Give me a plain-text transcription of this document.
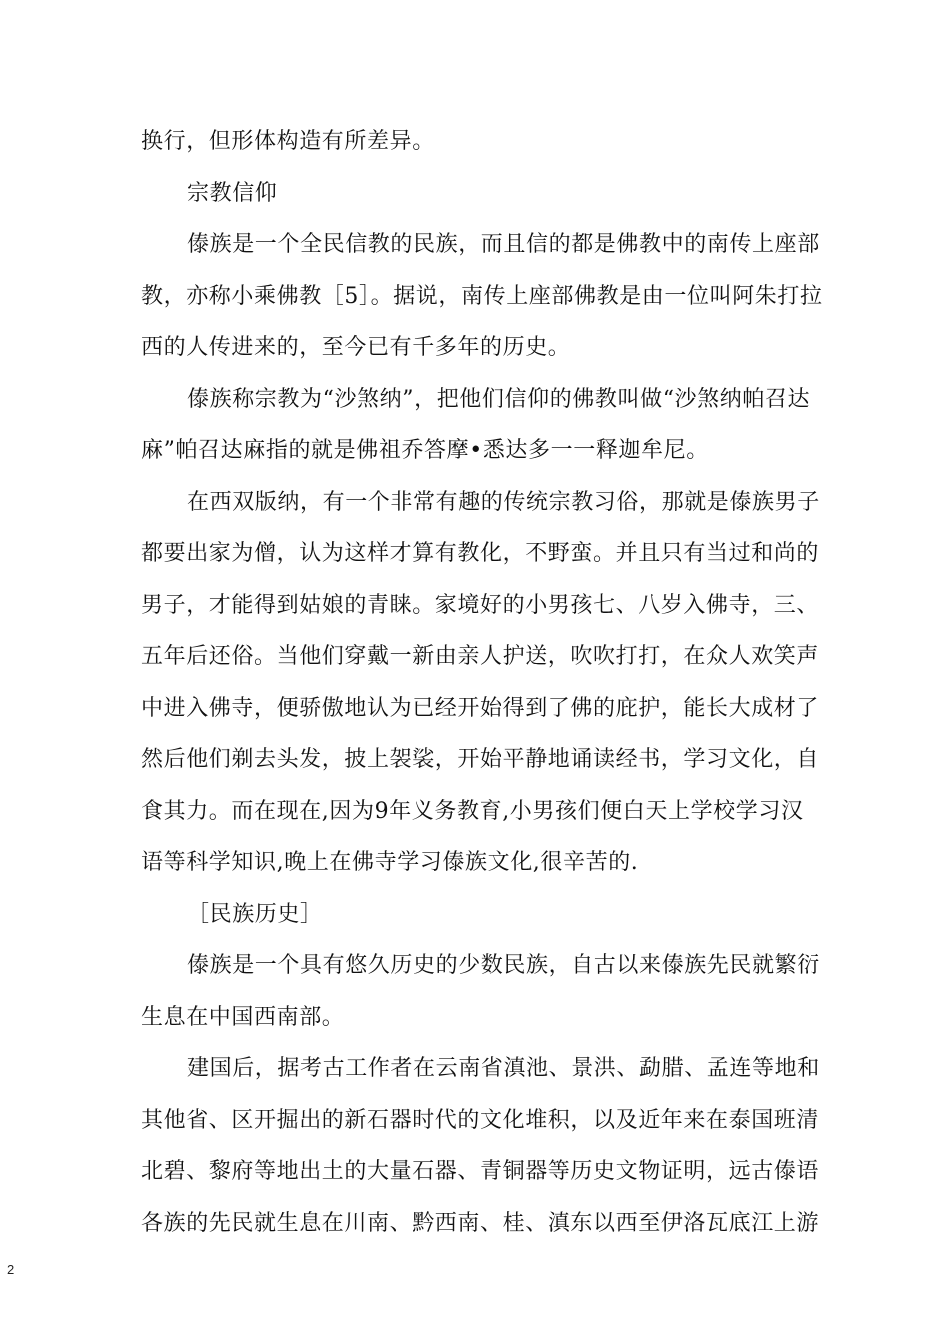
换行，但形体构造有所差异。

宗教信仰

傣族是一个全民信教的民族，而且信的都是佛教中的南传上座部教，亦称小乘佛教［5］。据说，南传上座部佛教是由一位叫阿朱打拉西的人传进来的，至今已有千多年的历史。

傣族称宗教为“沙煞纳”，把他们信仰的佛教叫做“沙煞纳帕召达麻”帕召达麻指的就是佛祖乔答摩•悉达多一一释迦牟尼。

在西双版纳，有一个非常有趣的传统宗教习俗，那就是傣族男子都要出家为僧，认为这样才算有教化，不野蛮。并且只有当过和尚的男子，才能得到姑娘的青睐。家境好的小男孩七、八岁入佛寺，三、五年后还俗。当他们穿戴一新由亲人护送，吹吹打打，在众人欢笑声中进入佛寺，便骄傲地认为已经开始得到了佛的庇护，能长大成材了然后他们剃去头发，披上袈裟，开始平静地诵读经书，学习文化，自食其力。而在现在,因为9年义务教育,小男孩们便白天上学校学习汉语等科学知识,晚上在佛寺学习傣族文化,很辛苦的.

［民族历史］

傣族是一个具有悠久历史的少数民族，自古以来傣族先民就繁衍生息在中国西南部。

建国后，据考古工作者在云南省滇池、景洪、勐腊、孟连等地和其他省、区开掘出的新石器时代的文化堆积，以及近年来在泰国班清北碧、黎府等地出土的大量石器、青铜器等历史文物证明，远古傣语各族的先民就生息在川南、黔西南、桂、滇东以西至伊洛瓦底江上游

2
